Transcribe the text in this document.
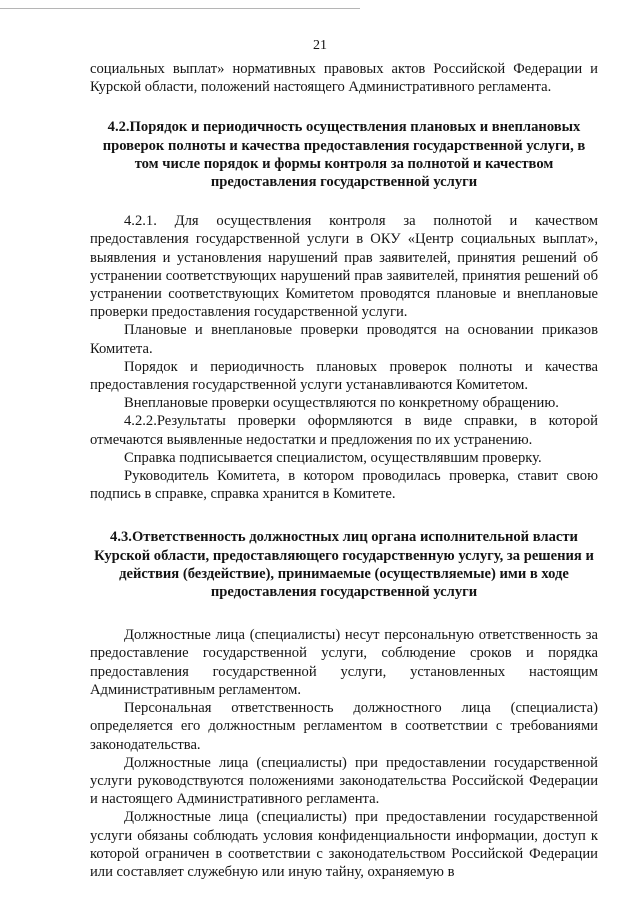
21

социальных выплат» нормативных правовых актов Российской Федерации и Курской области, положений настоящего Административного регламента.

4.2.Порядок и периодичность осуществления плановых и внеплановых проверок полноты и качества предоставления государственной услуги, в том числе порядок и формы контроля за полнотой и качеством предоставления государственной услуги

4.2.1. Для осуществления контроля за полнотой и качеством предоставления государственной услуги в ОКУ «Центр социальных выплат», выявления и установления нарушений прав заявителей, принятия решений об устранении соответствующих нарушений прав заявителей, принятия решений об устранении соответствующих Комитетом проводятся плановые и внеплановые проверки предоставления государственной услуги.

Плановые и внеплановые проверки проводятся на основании приказов Комитета.

Порядок и периодичность плановых проверок полноты и качества предоставления государственной услуги устанавливаются Комитетом.

Внеплановые проверки осуществляются по конкретному обращению.

4.2.2.Результаты проверки оформляются в виде справки, в которой отмечаются выявленные недостатки и предложения по их устранению.

Справка подписывается специалистом, осуществлявшим проверку.

Руководитель Комитета, в котором проводилась проверка, ставит свою подпись в справке, справка хранится в Комитете.

4.3.Ответственность должностных лиц органа исполнительной власти Курской области, предоставляющего государственную услугу, за решения и действия (бездействие), принимаемые (осуществляемые) ими в ходе предоставления государственной услуги

Должностные лица (специалисты) несут персональную ответственность за предоставление государственной услуги, соблюдение сроков и порядка предоставления государственной услуги, установленных настоящим Административным регламентом.

Персональная ответственность должностного лица (специалиста) определяется его должностным регламентом в соответствии с требованиями законодательства.

Должностные лица (специалисты) при предоставлении государственной услуги руководствуются положениями законодательства Российской Федерации и настоящего Административного регламента.

Должностные лица (специалисты) при предоставлении государственной услуги обязаны соблюдать условия конфиденциальности информации, доступ к которой ограничен в соответствии с законодательством Российской Федерации или составляет служебную или иную тайну, охраняемую в
